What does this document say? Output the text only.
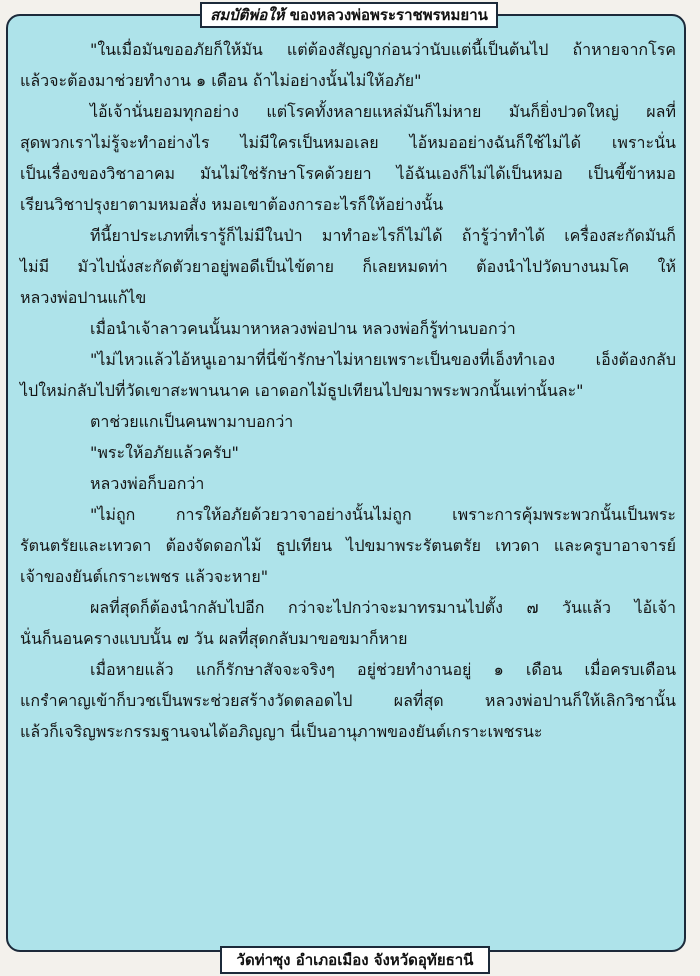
สมบัติพ่อให้ ของหลวงพ่อพระราชพรหมยาน
"ในเมื่อมันขออภัยก็ให้มัน แต่ต้องสัญญาก่อนว่านับแต่นี้เป็นต้นไป ถ้าหายจากโรค
แล้วจะต้องมาช่วยทำงาน ๑ เดือน ถ้าไม่อย่างนั้นไม่ให้อภัย"
ไอ้เจ้านั่นยอมทุกอย่าง แต่โรคทั้งหลายแหล่มันก็ไม่หาย มันก็ยิ่งปวดใหญ่ ผลที่
สุดพวกเราไม่รู้จะทำอย่างไร ไม่มีใครเป็นหมอเลย ไอ้หมออย่างฉันก็ใช้ไม่ได้ เพราะนั่น
เป็นเรื่องของวิชาอาคม มันไม่ใช่รักษาโรคด้วยยา ไอ้ฉันเองก็ไม่ได้เป็นหมอ เป็นขี้ข้าหมอ
เรียนวิชาปรุงยาตามหมอสั่ง หมอเขาต้องการอะไรก็ให้อย่างนั้น
ทีนี้ยาประเภทที่เรารู้ก็ไม่มีในป่า มาทำอะไรก็ไม่ได้ ถ้ารู้ว่าทำได้ เครื่องสะกัดมันก็
ไม่มี มัวไปนั่งสะกัดตัวยาอยู่พอดีเป็นไข้ตาย ก็เลยหมดท่า ต้องนำไปวัดบางนมโค ให้
หลวงพ่อปานแก้ไข
เมื่อนำเจ้าลาวคนนั้นมาหาหลวงพ่อปาน หลวงพ่อก็รู้ท่านบอกว่า
"ไม่ไหวแล้วไอ้หนูเอามาที่นี่ข้ารักษาไม่หายเพราะเป็นของที่เอ็งทำเอง เอ็งต้องกลับ
ไปใหม่กลับไปที่วัดเขาสะพานนาค เอาดอกไม้ธูปเทียนไปขมาพระพวกนั้นเท่านั้นละ"
ตาช่วยแกเป็นคนพามาบอกว่า
"พระให้อภัยแล้วครับ"
หลวงพ่อก็บอกว่า
"ไม่ถูก การให้อภัยด้วยวาจาอย่างนั้นไม่ถูก เพราะการคุ้มพระพวกนั้นเป็นพระ
รัตนตรัยและเทวดา ต้องจัดดอกไม้ ธูปเทียน ไปขมาพระรัตนตรัย เทวดา และครูบาอาจารย์
เจ้าของยันต์เกราะเพชร แล้วจะหาย"
ผลที่สุดก็ต้องนำกลับไปอีก กว่าจะไปกว่าจะมาทรมานไปตั้ง ๗ วันแล้ว ไอ้เจ้า
นั่นก็นอนครางแบบนั้น ๗ วัน ผลที่สุดกลับมาขอขมาก็หาย
เมื่อหายแล้ว แกก็รักษาสัจจะจริงๆ อยู่ช่วยทำงานอยู่ ๑ เดือน เมื่อครบเดือน
แกรำคาญเข้าก็บวชเป็นพระช่วยสร้างวัดตลอดไป ผลที่สุด หลวงพ่อปานก็ให้เลิกวิชานั้น
แล้วก็เจริญพระกรรมฐานจนได้อภิญญา นี่เป็นอานุภาพของยันต์เกราะเพชรนะ
วัดท่าซุง อำเภอเมือง จังหวัดอุทัยธานี
